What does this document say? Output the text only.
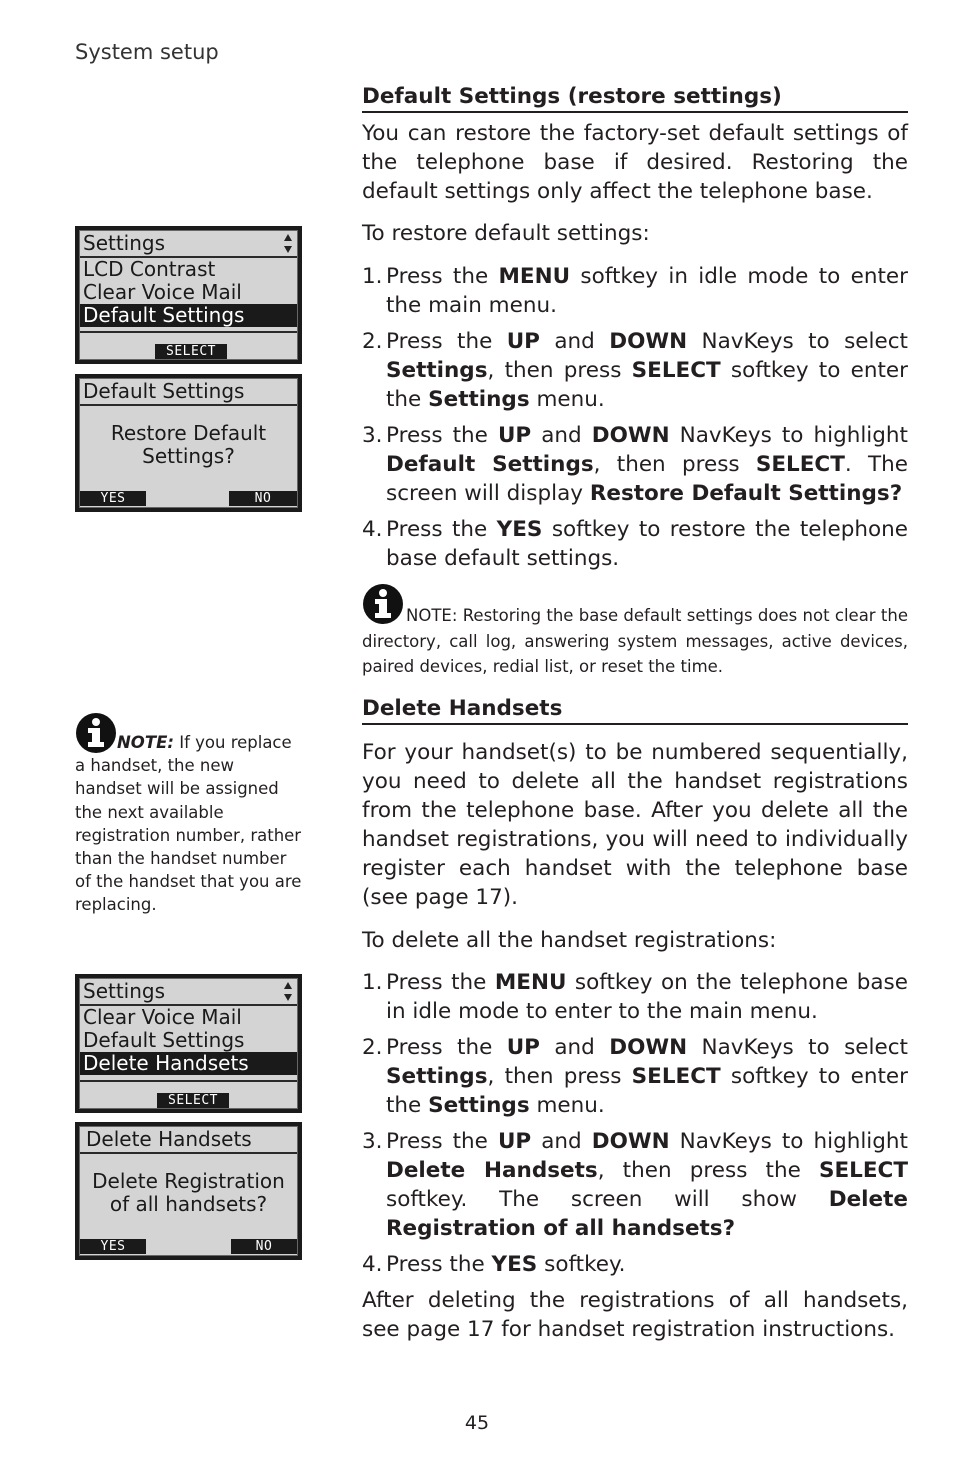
System setup
Settings
LCD Contrast
Clear Voice Mail
Default Settings
SELECT
Default Settings
Restore Default
Settings?
YES	NO
NOTE: If you replace a handset, the new handset will be assigned the next available registration number, rather than the handset number of the handset that you are replacing.
Settings
Clear Voice Mail
Default Settings
Delete Handsets
SELECT
Delete Handsets
Delete Registration
of all handsets?
YES	NO
Default Settings (restore settings)
You can restore the factory-set default settings of the telephone base if desired. Restoring the default settings only affect the telephone base.
To restore default settings:
1. Press the MENU softkey in idle mode to enter the main menu.
2. Press the UP and DOWN NavKeys to select Settings, then press SELECT softkey to enter the Settings menu.
3. Press the UP and DOWN NavKeys to highlight Default Settings, then press SELECT. The screen will display Restore Default Settings?
4. Press the YES softkey to restore the telephone base default settings.
NOTE: Restoring the base default settings does not clear the directory, call log, answering system messages, active devices, paired devices, redial list, or reset the time.
Delete Handsets
For your handset(s) to be numbered sequentially, you need to delete all the handset registrations from the telephone base. After you delete all the handset registrations, you will need to individually register each handset with the telephone base (see page 17).
To delete all the handset registrations:
1. Press the MENU softkey on the telephone base in idle mode to enter to the main menu.
2. Press the UP and DOWN NavKeys to select Settings, then press SELECT softkey to enter the Settings menu.
3. Press the UP and DOWN NavKeys to highlight Delete Handsets, then press the SELECT softkey. The screen will show Delete Registration of all handsets?
4. Press the YES softkey.
After deleting the registrations of all handsets, see page 17 for handset registration instructions.
45
